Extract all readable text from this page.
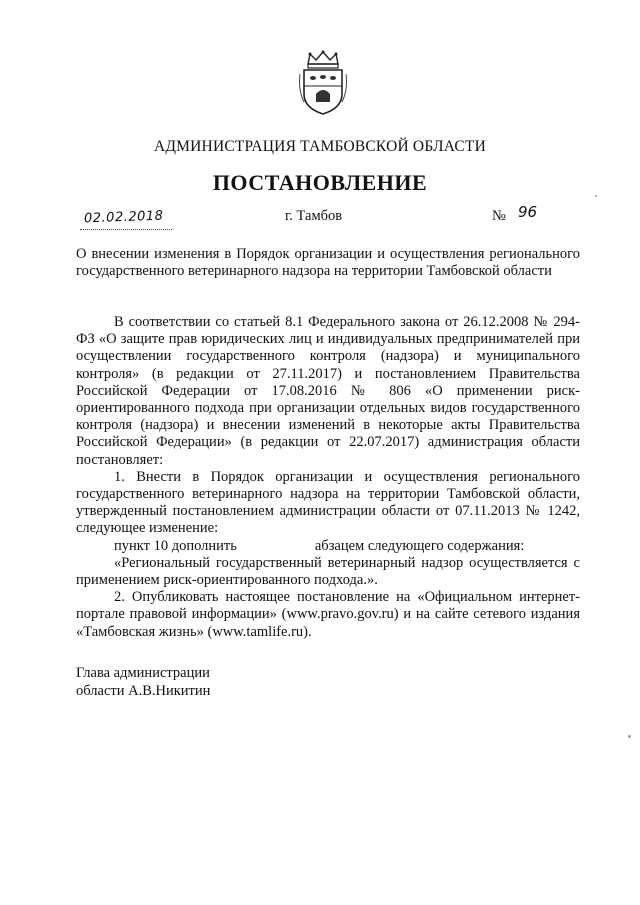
АДМИНИСТРАЦИЯ ТАМБОВСКОЙ ОБЛАСТИ
ПОСТАНОВЛЕНИЕ
02.02.2018	г. Тамбов	№ 96

О внесении изменения в Порядок организации и осуществления регионального государственного ветеринарного надзора на территории Тамбовской области

В соответствии со статьей 8.1 Федерального закона от 26.12.2008 № 294-ФЗ «О защите прав юридических лиц и индивидуальных предпринимателей при осуществлении государственного контроля (надзора) и муниципального контроля» (в редакции от 27.11.2017) и постановлением Правительства Российской Федерации от 17.08.2016 № 806 «О применении риск-ориентированного подхода при организации отдельных видов государственного контроля (надзора) и внесении изменений в некоторые акты Правительства Российской Федерации» (в редакции от 22.07.2017) администрация области постановляет:

1. Внести в Порядок организации и осуществления регионального государственного ветеринарного надзора на территории Тамбовской области, утвержденный постановлением администрации области от 07.11.2013 № 1242, следующее изменение:

пункт 10 дополнить	абзацем следующего содержания:

«Региональный государственный ветеринарный надзор осуществляется с применением риск-ориентированного подхода.».

2. Опубликовать настоящее постановление на «Официальном интернет-портале правовой информации» (www.pravo.gov.ru) и на сайте сетевого издания «Тамбовская жизнь» (www.tamlife.ru).

Глава администрации
области А.В.Никитин
